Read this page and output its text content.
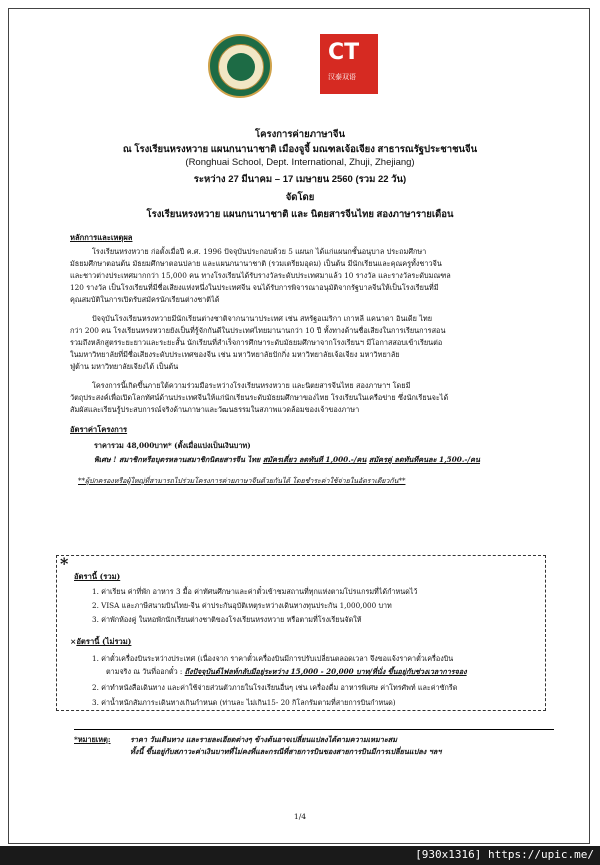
CT
汉泰双语
โครงการค่ายภาษาจีน
ณ โรงเรียนหรงหวาย แผนกนานาชาติ เมืองจูจี้ มณฑลเจ้อเจียง สาธารณรัฐประชาชนจีน
(Ronghuai School, Dept. International, Zhuji, Zhejiang)
ระหว่าง 27 มีนาคม – 17 เมษายน 2560 (รวม 22 วัน)
จัดโดย
โรงเรียนหรงหวาย แผนกนานาชาติ และ นิตยสารจีนไทย สองภาษารายเดือน
หลักการและเหตุผล
โรงเรียนหรงหวาย ก่อตั้งเมื่อปี ค.ศ. 1996 ปัจจุบันประกอบด้วย 5 แผนก ได้แก่แผนกชั้นอนุบาล ประถมศึกษา
มัธยมศึกษาตอนต้น มัธยมศึกษาตอนปลาย และแผนกนานาชาติ (รวมเตรียมอุดม) เป็นต้น มีนักเรียนและคุณครูทั้งชาวจีน
และชาวต่างประเทศมากกว่า 15,000 คน ทางโรงเรียนได้รับรางวัลระดับประเทศมาแล้ว 10 รางวัล และรางวัลระดับมณฑล
120 รางวัล เป็นโรงเรียนที่มีชื่อเสียงแห่งหนึ่งในประเทศจีน จนได้รับการพิจารณาอนุมัติจากรัฐบาลจีนให้เป็นโรงเรียนที่มี
คุณสมบัติในการเปิดรับสมัครนักเรียนต่างชาติได้
ปัจจุบันโรงเรียนหรงหวายมีนักเรียนต่างชาติจากนานาประเทศ เช่น สหรัฐอเมริกา เกาหลี แคนาดา อินเดีย ไทย
กว่า 200 คน โรงเรียนหรงหวายยังเป็นที่รู้จักกันดีในประเทศไทยมานานกว่า 10 ปี ทั้งทางด้านชื่อเสียงในการเรียนการสอน
รวมถึงหลักสูตรระยะยาวและระยะสั้น นักเรียนที่สำเร็จการศึกษาระดับมัธยมศึกษาจากโรงเรียนฯ มีโอกาสสอบเข้าเรียนต่อ
ในมหาวิทยาลัยที่มีชื่อเสียงระดับประเทศของจีน เช่น มหาวิทยาลัยปักกิ่ง มหาวิทยาลัยเจ้อเจียง มหาวิทยาลัย
ฟู่ต้าน มหาวิทยาลัยเจียงไต้ เป็นต้น
โครงการนี้เกิดขึ้นภายใต้ความร่วมมือระหว่างโรงเรียนหรงหวาย และนิตยสารจีนไทย สองภาษาฯ โดยมี
วัตถุประสงค์เพื่อเปิดโลกทัศน์ด้านประเทศจีนให้แก่นักเรียนระดับมัธยมศึกษาของไทย โรงเรียนในเครือข่าย ซึ่งนักเรียนจะได้
สัมผัสและเรียนรู้ประสบการณ์จริงด้านภาษาและวัฒนธรรมในสภาพแวดล้อมของเจ้าของภาษา
อัตราค่าโครงการ
ราคารวม 48,000บาท* (ตั้งเมื่อแบ่งเป็นเงินบาท)
พิเศษ ! สมาชิกหรือบุตรหลานสมาชิกนิตยสารจีน ไทย สมัครเดี่ยว ลดทันที 1,000.-/คน สมัครคู่ ลดทันทีคนละ 1,500.-/คน
**ผู้ปกครองหรือผู้ใหญ่ที่สามารถไปร่วมโครงการค่ายภาษาจีนด้วยกันได้ โดยชำระค่าใช้จ่ายในอัตราเดียวกัน**
*
อัตรานี้ (รวม)
1. ค่าเรียน ค่าที่พัก อาหาร 3 มื้อ ค่าทัศนศึกษาและค่าตั๋วเข้าชมสถานที่ทุกแห่งตามโปรแกรมที่ได้กำหนดไว้
2. VISA และภาษีสนามบินไทย-จีน ค่าประกันอุบัติเหตุระหว่างเดินทางทุนประกัน 1,000,000 บาท
3. ค่าพักห้องคู่ ในหอพักนักเรียนต่างชาติของโรงเรียนหรงหวาย หรือตามที่โรงเรียนจัดให้
×อัตรานี้ (ไม่รวม)
1. ค่าตั๋วเครื่องบินระหว่างประเทศ (เนื่องจาก ราคาตั๋วเครื่องบินมีการปรับเปลี่ยนตลอดเวลา จึงขอแจ้งราคาตั๋วเครื่องบิน
ตามจริง ณ วันที่ออกตั๋ว : ถึงปัจจุบันต์ไฟลท์กลับมีอยู่ระหว่าง 15,000 - 20,000 บาท/ที่นั่ง ขึ้นอยู่กับช่วงเวลาการจอง
2. ค่าทำหนังสือเดินทาง และค่าใช้จ่ายส่วนตัวภายในโรงเรียนอื่นๆ เช่น เครื่องดื่ม อาหารพิเศษ ค่าโทรศัพท์ และค่าซักรีด
3. ค่าน้ำหนักสัมภาระเดินทางเกินกำหนด (ท่านละ ไม่เกิน15- 20 กิโลกรัมตามที่สายการบินกำหนด)
*หมายเหตุ:	ราคา วันเดินทาง และรายละเอียดต่างๆ ข้างต้นอาจเปลี่ยนแปลงได้ตามความเหมาะสม
ทั้งนี้ ขึ้นอยู่กับสภาวะค่าเงินบาทที่ไม่คงที่และกรณีที่สายการบินของสายการบินมีการเปลี่ยนแปลง ฯลฯ
1/4
[930x1316] https://upic.me/
